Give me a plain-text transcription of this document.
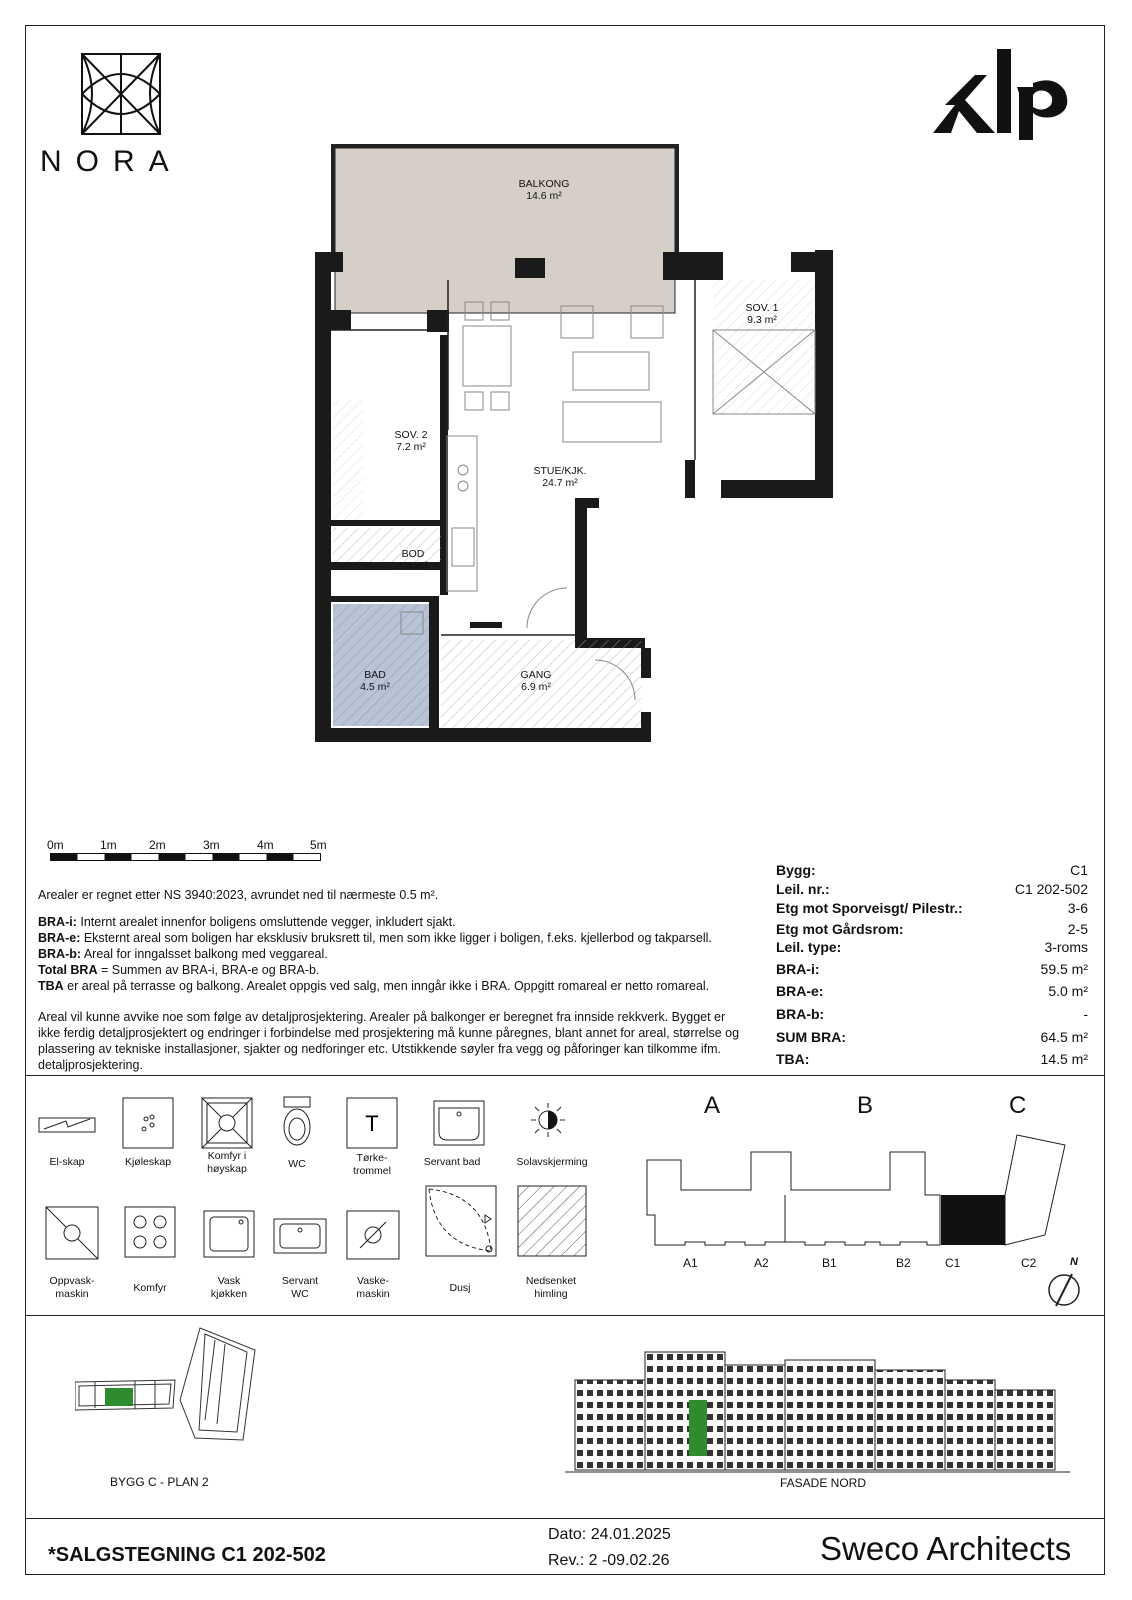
NORA
BALKONG
14.6 m²
SOV. 1
9.3 m²
SOV. 2
7.2 m²
STUE/KJK.
24.7 m²
BOD
1.8 m²
BAD
4.5 m²
GANG
6.9 m²
0m	1m	2m	3m	4m	5m
Arealer er regnet etter NS 3940:2023, avrundet ned til nærmeste 0.5 m².
BRA-i: Internt arealet innenfor boligens omsluttende vegger, inkludert sjakt.
BRA-e: Eksternt areal som boligen har eksklusiv bruksrett til, men som ikke ligger i boligen, f.eks. kjellerbod og takparsell.
BRA-b: Areal for inngalsset balkong med veggareal.
Total BRA = Summen av BRA-i, BRA-e og BRA-b.
TBA er areal på terrasse og balkong. Arealet oppgis ved salg, men inngår ikke i BRA. Oppgitt romareal er netto romareal.
Areal vil kunne avvike noe som følge av detaljprosjektering. Arealer på balkonger er beregnet fra innside rekkverk. Bygget er ikke ferdig detaljprosjektert og endringer i forbindelse med prosjektering må kunne påregnes, blant annet for areal, størrelse og plassering av tekniske installasjoner, sjakter og nedforinger etc. Utstikkende søyler fra vegg og påforinger kan tilkomme ifm. detaljprosjektering.
Bygg:	C1
Leil. nr.:	C1 202-502
Etg mot Sporveisgt/ Pilestr.:	3-6
Etg mot Gårdsrom:	2-5
Leil. type:	3-roms
BRA-i:	59.5 m²
BRA-e:	5.0 m²
BRA-b:	-
SUM BRA:	64.5 m²
TBA:	14.5 m²
T
El-skap	Kjøleskap	Komfyr i
høyskap	WC	Tørke-
trommel
Servant bad	Solavskjerming
Oppvask-
maskin	Komfyr
Vask
kjøkken
Servant
WC
Vaske-
maskin	Dusj
Nedsenket
himling
A	B	C
A1	A2	B1	B2	C1	C2	N
BYGG C - PLAN 2	FASADE NORD
*SALGSTEGNING C1 202-502
Dato: 24.01.2025
Rev.: 2 -09.02.26	Sweco Architects
